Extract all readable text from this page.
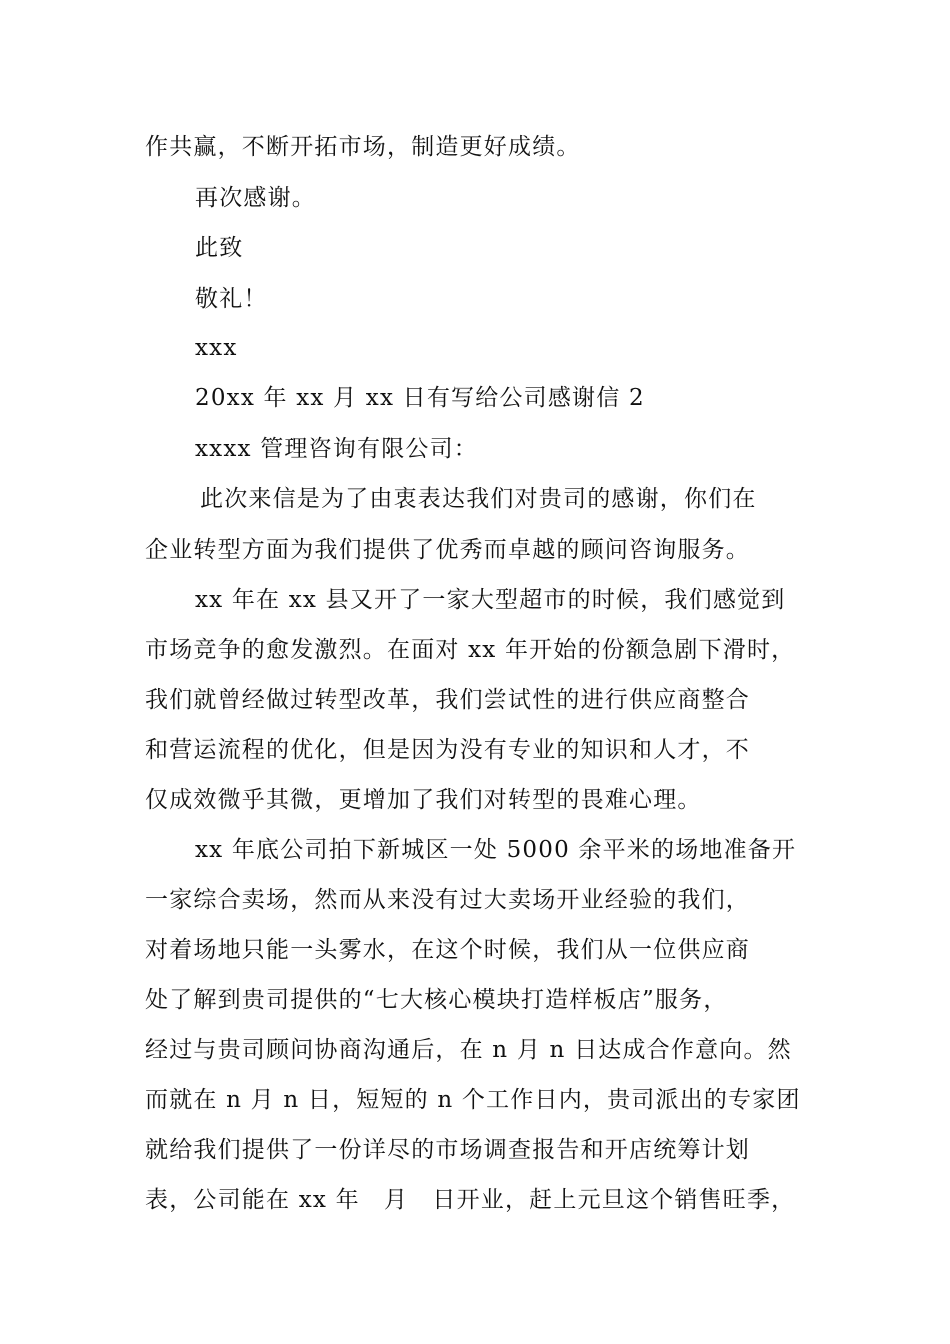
作共赢，不断开拓市场，制造更好成绩。
再次感谢。
此致
敬礼！
xxx
20xx 年 xx 月 xx 日有写给公司感谢信 2
xxxx 管理咨询有限公司：
此次来信是为了由衷表达我们对贵司的感谢，你们在
企业转型方面为我们提供了优秀而卓越的顾问咨询服务。
xx 年在 xx 县又开了一家大型超市的时候，我们感觉到
市场竞争的愈发激烈。在面对 xx 年开始的份额急剧下滑时，
我们就曾经做过转型改革，我们尝试性的进行供应商整合
和营运流程的优化，但是因为没有专业的知识和人才，不
仅成效微乎其微，更增加了我们对转型的畏难心理。
xx 年底公司拍下新城区一处 5000 余平米的场地准备开
一家综合卖场，然而从来没有过大卖场开业经验的我们，
对着场地只能一头雾水，在这个时候，我们从一位供应商
处了解到贵司提供的“七大核心模块打造样板店”服务，
经过与贵司顾问协商沟通后，在 n 月 n 日达成合作意向。然
而就在 n 月 n 日，短短的 n 个工作日内，贵司派出的专家团
就给我们提供了一份详尽的市场调查报告和开店统筹计划
表，公司能在 xx 年　月　日开业，赶上元旦这个销售旺季，
